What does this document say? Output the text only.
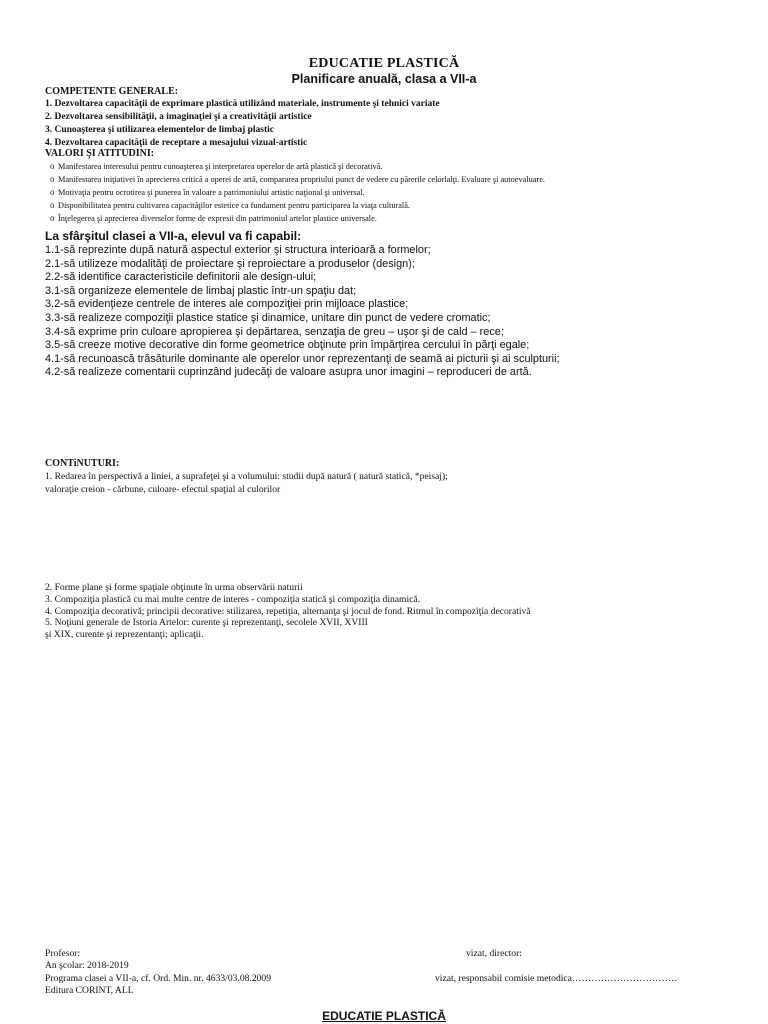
EDUCATIE PLASTICĂ
Planificare anuală, clasa a VII-a
COMPETENTE GENERALE:
1. Dezvoltarea capacităţii de exprimare plastică utilizând materiale, instrumente şi tehnici variate
2. Dezvoltarea sensibilităţii, a imaginaţiei şi a creativităţii artistice
3. Cunoaşterea şi utilizarea elementelor de limbaj plastic
4. Dezvoltarea capacităţii de receptare a mesajului vizual-artistic
VALORI ŞI ATITUDINI:
o Manifestarea interesului pentru cunoaşterea şi interpretarea operelor de artă plastică şi decorativă.
o Manifestarea iniţiativei în aprecierea critică a operei de artă, compararea propriului punct de vedere cu părerile celorlalţi. Evaluare şi autoevaluare.
o Motivaţia pentru ocrotirea şi punerea în valoare a patrimoniului artistic naţional şi universal.
o Disponibilitatea pentru cultivarea capacităţilor estetice ca fundament pentru participarea la viaţa culturală.
o Înţelegerea şi aprecierea diverselor forme de expresii din patrimoniul artelor plastice universale.
La sfârşitul clasei a VII-a, elevul va fi capabil:
1.1-să reprezinte după natură aspectul exterior şi structura interioară a formelor;
2.1-să utilizeze modalităţi de proiectare şi reproiectare a produselor (design);
2.2-să identifice caracteristicile definitorii ale design-ului;
3.1-să organizeze elementele de limbaj plastic într-un spaţiu dat;
3.2-să evidenţieze centrele de interes ale compoziţiei prin mijloace plastice;
3.3-să realizeze compoziţii plastice statice şi dinamice, unitare din punct de vedere cromatic;
3.4-să exprime prin culoare apropierea şi depărtarea, senzaţia de greu – uşor şi de cald – rece;
3.5-să creeze motive decorative din forme geometrice obţinute prin împărţirea cercului în părţi egale;
4.1-să recunoască trăsăturile dominante ale operelor unor reprezentanţi de seamă ai picturii şi ai sculpturii;
4.2-să realizeze comentarii cuprinzând judecăţi de valoare asupra unor imagini – reproduceri de artă.
CONTiNUTURI:
1. Redarea în perspectivă a liniei, a suprafeţei şi a volumului: studii după natură ( natură statică, *peisaj);
valoraţie creion - cărbune, culoare- efectul spaţial al culorilor
2. Forme plane şi forme spaţiale obţinute în urma observării naturii
3. Compoziţia plastică cu mai multe centre de interes - compoziţia statică şi compoziţia dinamică.
4. Compoziţia decorativă; principii decorative: stilizarea, repetiţia, alternanţa şi jocul de fond. Ritmul în compoziţia decorativă
5. Noţiuni generale de Istoria Artelor: curente şi reprezentanţi, secolele XVII, XVIII
şi XIX, curente şi reprezentanţi; aplicaţii.
Profesor:
An şcolar: 2018-2019
Programa clasei a VII-a, cf. Ord. Min. nr. 4633/03.08.2009
Editura CORINT, ALL
vizat, director:
vizat, responsabil comisie metodica……………………………
EDUCATIE PLASTICĂ
